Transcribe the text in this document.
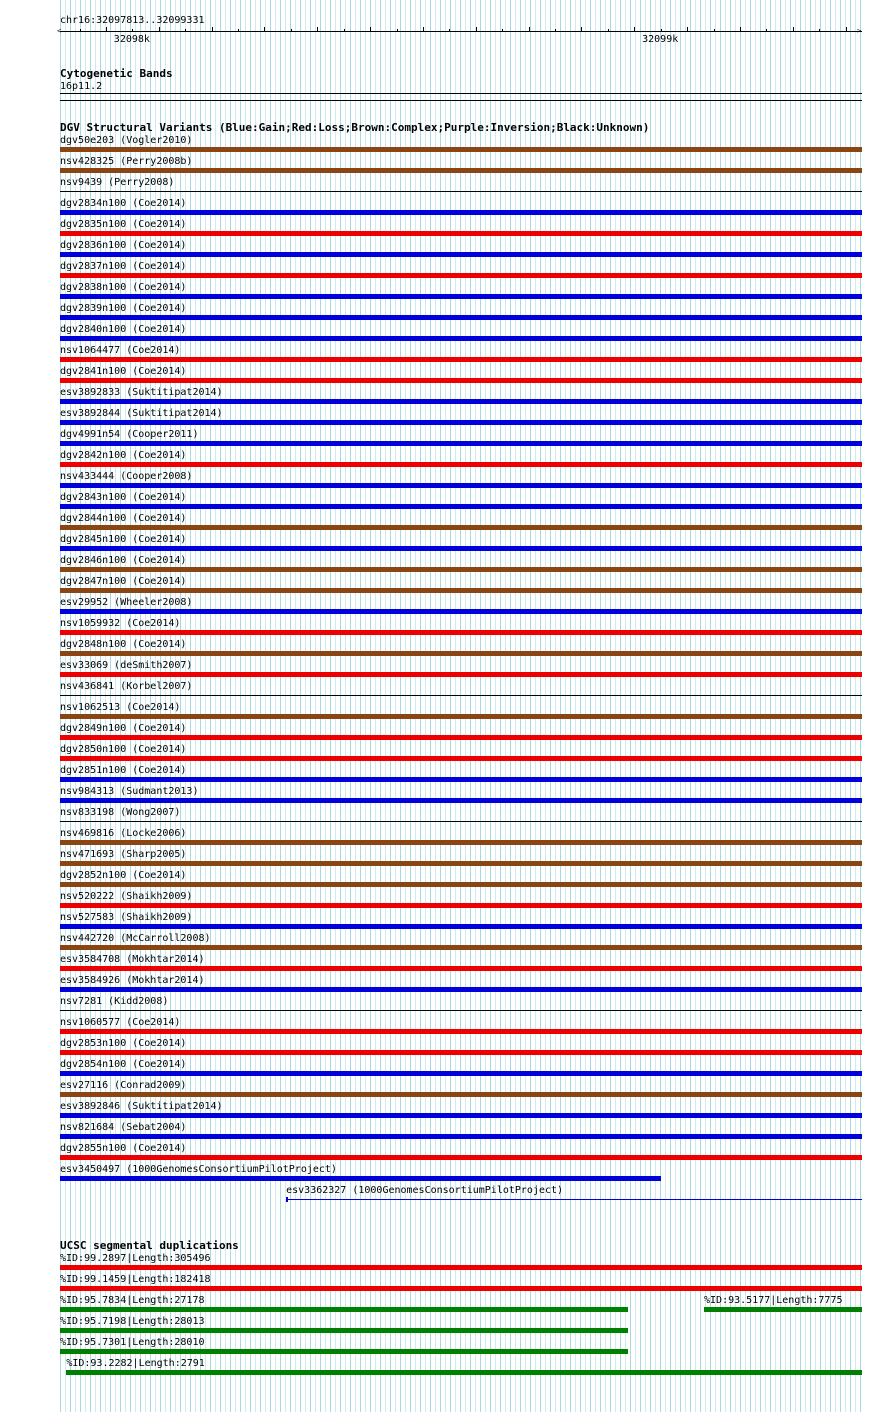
chr16:32097813..32099331
32098k	32099k
<	>
Cytogenetic Bands
16p11.2
DGV Structural Variants (Blue:Gain;Red:Loss;Brown:Complex;Purple:Inversion;Black:Unknown)
dgv50e203 (Vogler2010)
nsv428325 (Perry2008b)
nsv9439 (Perry2008)
dgv2834n100 (Coe2014)
dgv2835n100 (Coe2014)
dgv2836n100 (Coe2014)
dgv2837n100 (Coe2014)
dgv2838n100 (Coe2014)
dgv2839n100 (Coe2014)
dgv2840n100 (Coe2014)
nsv1064477 (Coe2014)
dgv2841n100 (Coe2014)
esv3892833 (Suktitipat2014)
esv3892844 (Suktitipat2014)
dgv4991n54 (Cooper2011)
dgv2842n100 (Coe2014)
nsv433444 (Cooper2008)
dgv2843n100 (Coe2014)
dgv2844n100 (Coe2014)
dgv2845n100 (Coe2014)
dgv2846n100 (Coe2014)
dgv2847n100 (Coe2014)
esv29952 (Wheeler2008)
nsv1059932 (Coe2014)
dgv2848n100 (Coe2014)
esv33069 (deSmith2007)
nsv436841 (Korbel2007)
nsv1062513 (Coe2014)
dgv2849n100 (Coe2014)
dgv2850n100 (Coe2014)
dgv2851n100 (Coe2014)
nsv984313 (Sudmant2013)
nsv833198 (Wong2007)
nsv469816 (Locke2006)
nsv471693 (Sharp2005)
dgv2852n100 (Coe2014)
nsv520222 (Shaikh2009)
nsv527583 (Shaikh2009)
nsv442720 (McCarroll2008)
esv3584708 (Mokhtar2014)
esv3584926 (Mokhtar2014)
nsv7281 (Kidd2008)
nsv1060577 (Coe2014)
dgv2853n100 (Coe2014)
dgv2854n100 (Coe2014)
esv27116 (Conrad2009)
esv3892846 (Suktitipat2014)
nsv821684 (Sebat2004)
dgv2855n100 (Coe2014)
esv3450497 (1000GenomesConsortiumPilotProject)
esv3362327 (1000GenomesConsortiumPilotProject)
UCSC segmental duplications
%ID:99.2897|Length:305496
%ID:99.1459|Length:182418
%ID:95.7834|Length:27178	%ID:93.5177|Length:7775
%ID:95.7198|Length:28013
%ID:95.7301|Length:28010
%ID:93.2282|Length:2791
